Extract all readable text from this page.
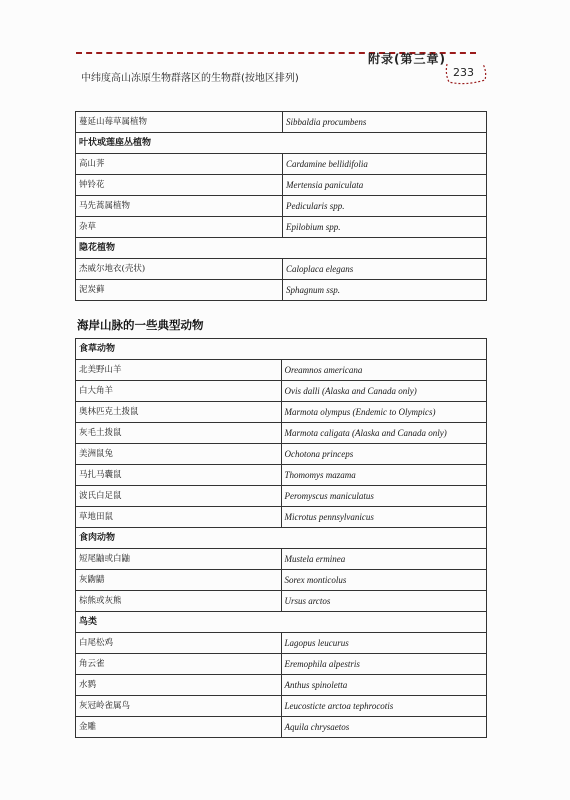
附录(第三章)
中纬度高山冻原生物群落区的生物群(按地区排列)	233
蔓延山莓草属植物	Sibbaldia procumbens
叶状或莲座丛植物	
高山荠	Cardamine bellidifolia
钟铃花	Mertensia paniculata
马先蒿属植物	Pedicularis spp.
杂草	Epilobium spp.
隐花植物	
杰威尔地衣(壳状)	Caloplaca elegans
泥炭藓	Sphagnum ssp.
海岸山脉的一些典型动物
食草动物	
北美野山羊	Oreamnos americana
白大角羊	Ovis dalli (Alaska and Canada only)
奥林匹克土拨鼠	Marmota olympus (Endemic to Olympics)
灰毛土拨鼠	Marmota caligata (Alaska and Canada only)
美洲鼠兔	Ochotona princeps
马扎马囊鼠	Thomomys mazama
波氏白足鼠	Peromyscus maniculatus
草地田鼠	Microtus pennsylvanicus
食肉动物	
短尾鼬或白鼬	Mustela erminea
灰鼩鼱	Sorex monticolus
棕熊或灰熊	Ursus arctos
鸟类	
白尾松鸡	Lagopus leucurus
角云雀	Eremophila alpestris
水鹨	Anthus spinoletta
灰冠岭雀属鸟	Leucosticte arctoa tephrocotis
金雕	Aquila chrysaetos
